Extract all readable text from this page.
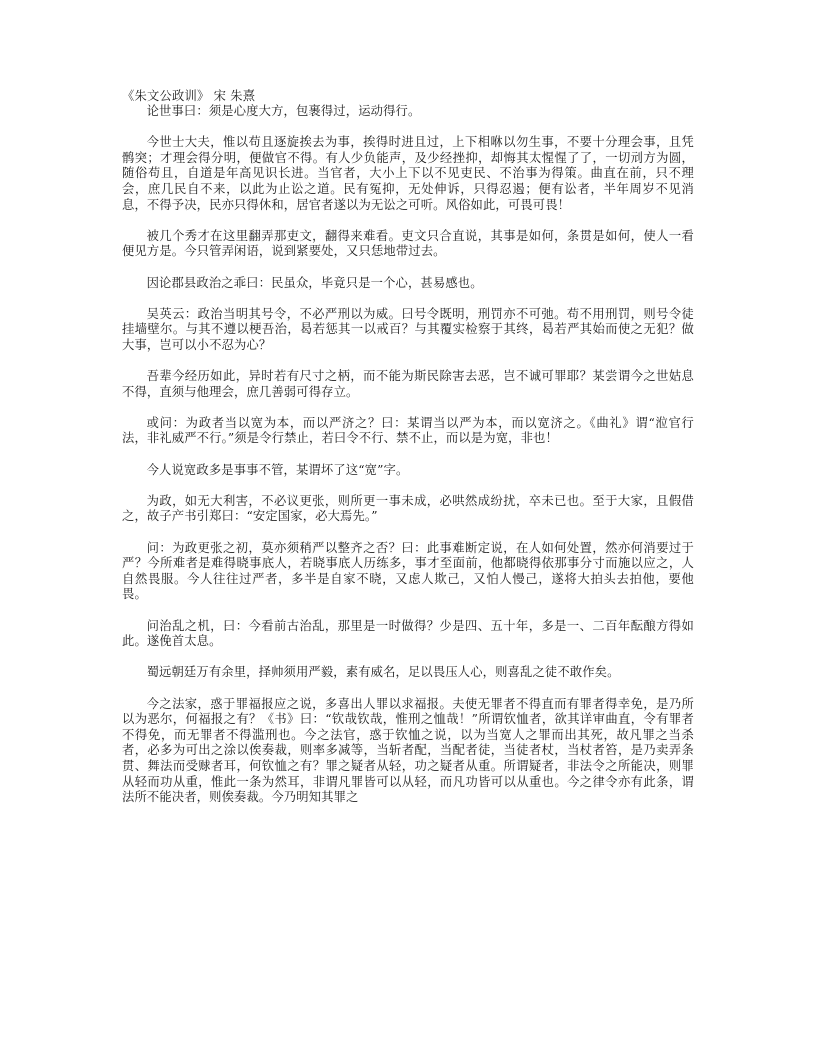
《朱文公政训》 宋 朱熹

论世事曰：须是心度大方，包裹得过，运动得行。

今世士大夫，惟以苟且逐旋挨去为事，挨得时进且过，上下相咻以勿生事，不要十分理会事，且凭鹘突；才理会得分明，便做官不得。有人少负能声，及少经挫抑，却悔其太惺惺了了，一切刓方为圆，随俗苟且，自道是年高见识长进。当官者，大小上下以不见吏民、不治事为得策。曲直在前，只不理会，庶几民自不来，以此为止讼之道。民有冤抑，无处伸诉，只得忍遏；便有讼者，半年周岁不见消息，不得予决，民亦只得休和，居官者遂以为无讼之可听。风俗如此，可畏可畏！

被几个秀才在这里翻弄那吏文，翻得来难看。吏文只合直说，其事是如何，条贯是如何，使人一看便见方是。今只管弄闲语，说到紧要处，又只恁地带过去。

因论郡县政治之乖曰：民虽众，毕竟只是一个心，甚易感也。

吴英云：政治当明其号令，不必严刑以为威。曰号令既明，刑罚亦不可弛。苟不用刑罚，则号令徒挂墙壁尔。与其不遵以梗吾治，曷若惩其一以戒百？与其覆实检察于其终，曷若严其始而使之无犯？做大事，岂可以小不忍为心？

吾辈今经历如此，异时若有尺寸之柄，而不能为斯民除害去恶，岂不诚可罪耶？某尝谓今之世姑息不得，直须与他理会，庶几善弱可得存立。

或问：为政者当以宽为本，而以严济之？曰：某谓当以严为本，而以宽济之。《曲礼》谓“涖官行法，非礼威严不行。”须是令行禁止，若曰令不行、禁不止，而以是为宽，非也！

今人说宽政多是事事不管，某谓坏了这“宽”字。

为政，如无大利害，不必议更张，则所更一事未成，必哄然成纷扰，卒未已也。至于大家，且假借之，故子产书引郑曰：“安定国家，必大焉先。”

问：为政更张之初，莫亦须稍严以整齐之否？曰：此事难断定说，在人如何处置，然亦何消要过于严？今所难者是难得晓事底人，若晓事底人历练多，事才至面前，他都晓得依那事分寸而施以应之，人自然畏服。今人往往过严者，多半是自家不晓，又虑人欺己，又怕人慢己，遂将大拍头去拍他，要他畏。

问治乱之机，曰：今看前古治乱，那里是一时做得？少是四、五十年，多是一、二百年酝酿方得如此。遂俛首太息。

蜀远朝廷万有余里，择帅须用严毅，素有威名，足以畏压人心，则喜乱之徒不敢作矣。

今之法家，惑于罪福报应之说，多喜出人罪以求福报。夫使无罪者不得直而有罪者得幸免，是乃所以为恶尔，何福报之有？《书》曰：“钦哉钦哉，惟刑之恤哉！”所谓钦恤者，欲其详审曲直，令有罪者不得免，而无罪者不得滥刑也。今之法官，惑于钦恤之说，以为当宽人之罪而出其死，故凡罪之当杀者，必多为可出之涂以俟奏裁，则率多减等，当斩者配，当配者徒，当徒者杖，当杖者笞，是乃卖弄条贯、舞法而受赇者耳，何钦恤之有？罪之疑者从轻，功之疑者从重。所谓疑者，非法令之所能决，则罪从轻而功从重，惟此一条为然耳，非谓凡罪皆可以从轻，而凡功皆可以从重也。今之律令亦有此条，谓法所不能决者，则俟奏裁。今乃明知其罪之
